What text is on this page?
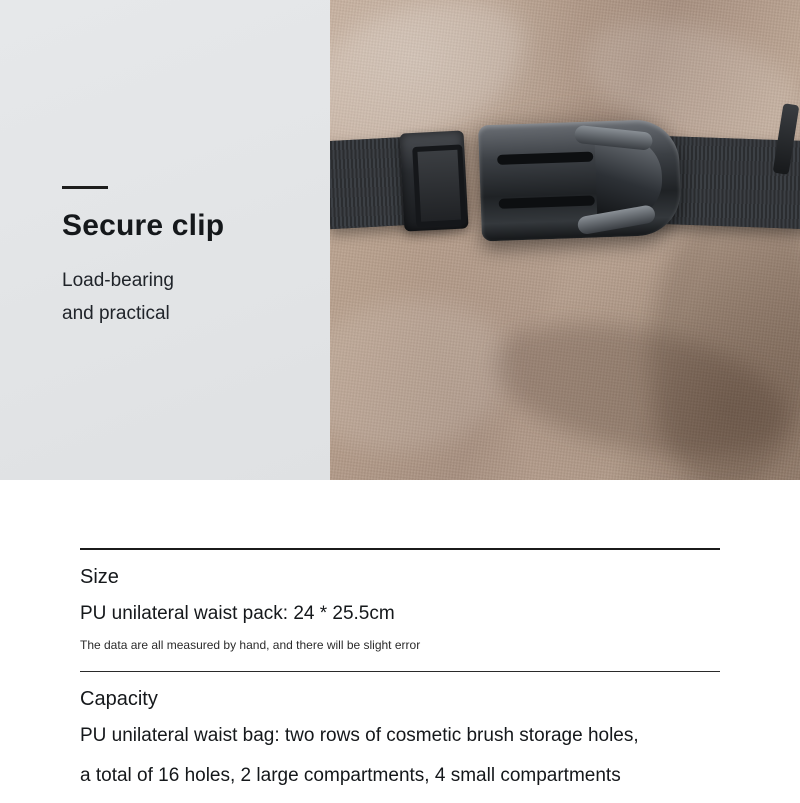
Secure clip

Load-bearing

and practical

Size

PU unilateral waist pack: 24 * 25.5cm

The data are all measured by hand, and there will be slight error

Capacity

PU unilateral waist bag: two rows of cosmetic brush storage holes,

a total of 16 holes, 2 large compartments, 4 small compartments
